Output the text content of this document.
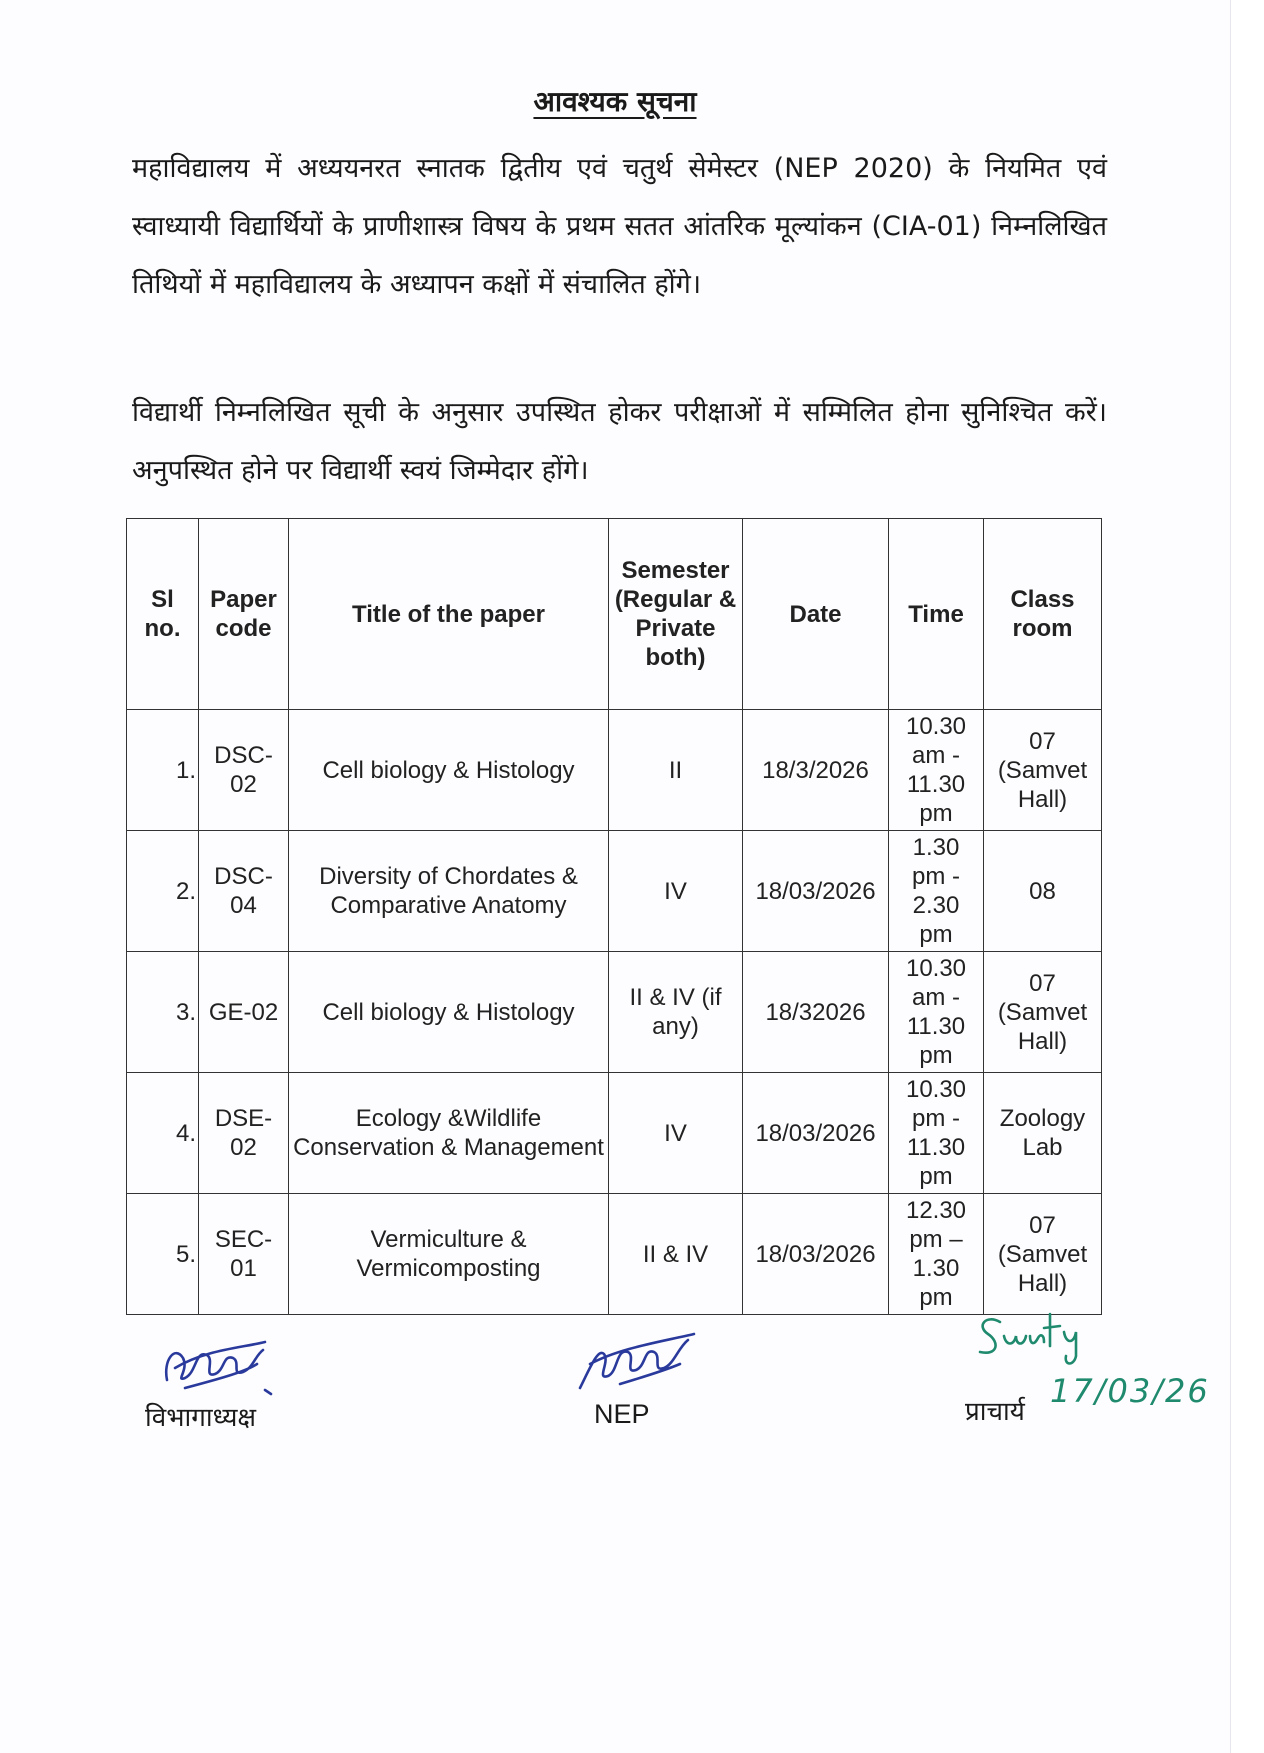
आवश्यक सूचना
महाविद्यालय में अध्ययनरत स्नातक द्वितीय एवं चतुर्थ सेमेस्टर (NEP 2020) के नियमित एवं स्वाध्यायी विद्यार्थियों के प्राणीशास्त्र विषय के प्रथम सतत आंतरिक मूल्यांकन (CIA-01) निम्नलिखित तिथियों में महाविद्यालय के अध्यापन कक्षों में संचालित होंगे।
विद्यार्थी निम्नलिखित सूची के अनुसार उपस्थित होकर परीक्षाओं में सम्मिलित होना सुनिश्चित करें। अनुपस्थित होने पर विद्यार्थी स्वयं जिम्मेदार होंगे।
Sl no.	Paper code	Title of the paper	Semester (Regular & Private both)	Date	Time	Class room
1.	DSC-02	Cell biology & Histology	II	18/3/2026	10.30 am - 11.30 pm	07 (Samvet Hall)
2.	DSC-04	Diversity of Chordates & Comparative Anatomy	IV	18/03/2026	1.30 pm - 2.30 pm	08
3.	GE-02	Cell biology & Histology	II & IV (if any)	18/32026	10.30 am - 11.30 pm	07 (Samvet Hall)
4.	DSE-02	Ecology &Wildlife Conservation & Management	IV	18/03/2026	10.30 pm - 11.30 pm	Zoology Lab
5.	SEC-01	Vermiculture & Vermicomposting	II & IV	18/03/2026	12.30 pm – 1.30 pm	07 (Samvet Hall)
विभागाध्यक्ष	NEP	प्राचार्य
17/03/26
